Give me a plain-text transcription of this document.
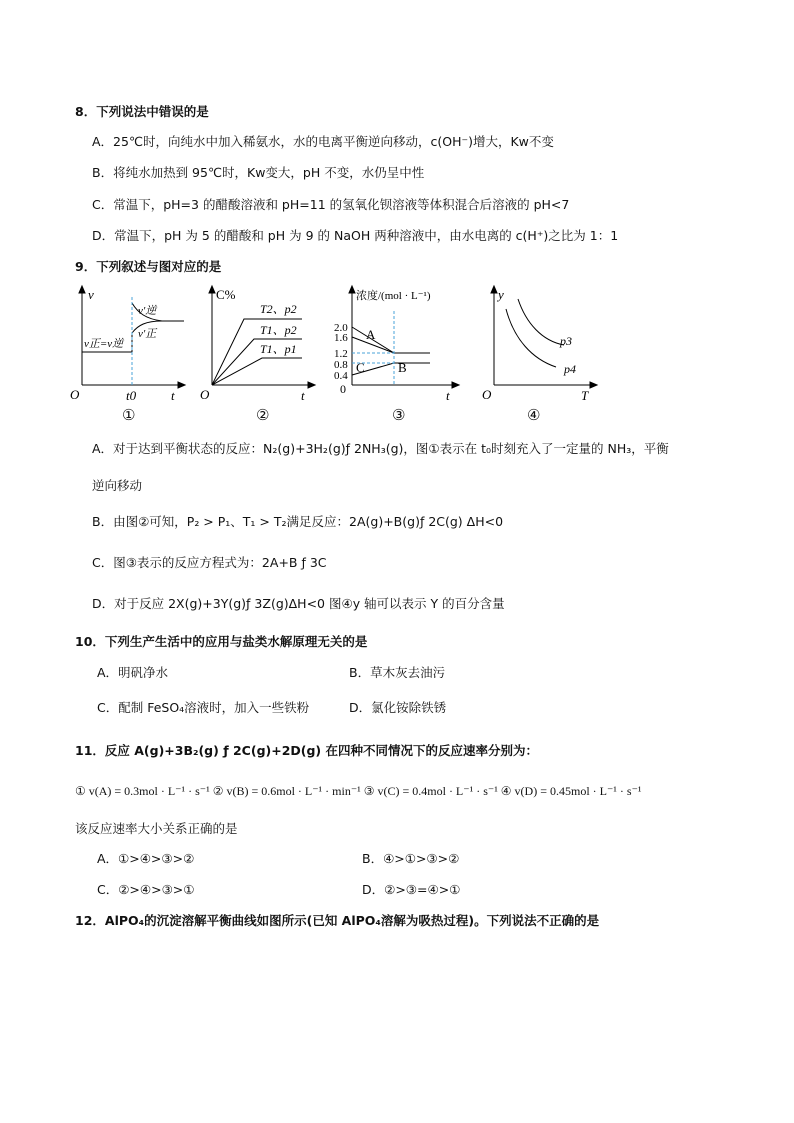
8．下列说法中错误的是
A．25℃时，向纯水中加入稀氨水，水的电离平衡逆向移动，c(OH⁻)增大，Kw不变
B．将纯水加热到 95℃时，Kw变大，pH 不变，水仍呈中性
C．常温下，pH=3 的醋酸溶液和 pH=11 的氢氧化钡溶液等体积混合后溶液的 pH<7
D．常温下，pH 为 5 的醋酸和 pH 为 9 的 NaOH 两种溶液中，由水电离的 c(H⁺)之比为 1：1
9．下列叙述与图对应的是
v
t
O	t0
v′逆
v′正
v正=v逆
①
C%
t
O
T2、p2
T1、p2
T1、p1
②
2.0
1.6
1.2
0.8
0.4
浓度/(mol · L⁻¹)
t
0
A
B
C
③
y
T
O
p3
p4
④
A．对于达到平衡状态的反应：N₂(g)+3H₂(g)ƒ 2NH₃(g)，图①表示在 t₀时刻充入了一定量的 NH₃，平衡
逆向移动
B．由图②可知，P₂ > P₁、T₁ > T₂满足反应：2A(g)+B(g)ƒ 2C(g) ΔH<0
C．图③表示的反应方程式为：2A+B ƒ 3C
D．对于反应 2X(g)+3Y(g)ƒ 3Z(g)ΔH<0 图④y 轴可以表示 Y 的百分含量
10．下列生产生活中的应用与盐类水解原理无关的是
A．明矾净水	B．草木灰去油污
C．配制 FeSO₄溶液时，加入一些铁粉	D．氯化铵除铁锈
11．反应 A(g)+3B₂(g) ƒ 2C(g)+2D(g) 在四种不同情况下的反应速率分别为：
① v(A) = 0.3mol · L⁻¹ · s⁻¹ ② v(B) = 0.6mol · L⁻¹ · min⁻¹ ③ v(C) = 0.4mol · L⁻¹ · s⁻¹ ④ v(D) = 0.45mol · L⁻¹ · s⁻¹
该反应速率大小关系正确的是
A．①>④>③>②	B．④>①>③>②
C．②>④>③>①	D．②>③=④>①
12．AlPO₄的沉淀溶解平衡曲线如图所示(已知 AlPO₄溶解为吸热过程)。下列说法不正确的是
